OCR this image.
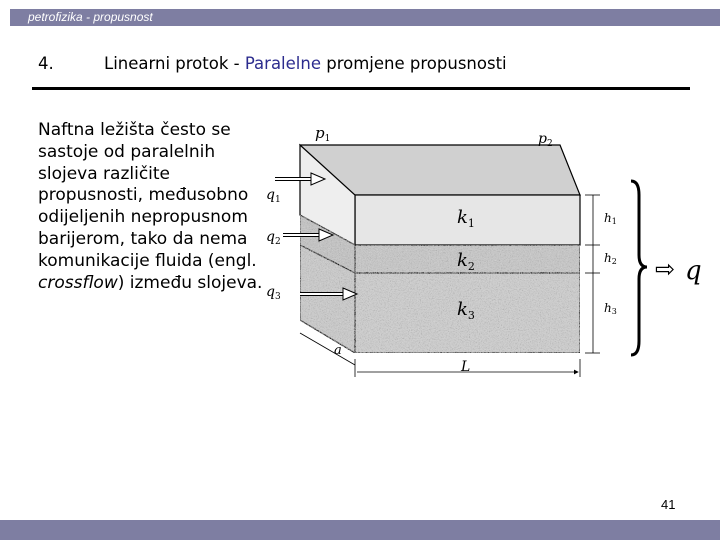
petrofizika - propusnost
4.	Linearni protok - Paralelne promjene propusnosti

Naftna ležišta često se sastoje od paralelnih slojeva različite propusnosti, međusobno odijeljenih nepropusnom barijerom, tako da nema komunikacije fluida (engl. crossflow) između slojeva.

$p_1$	$p_2$
$q_1$
$q_2$
$q_3$
$k_1$
$k_2$
$k_3$
h1
h2
h3
a
L
⇨ q
41
